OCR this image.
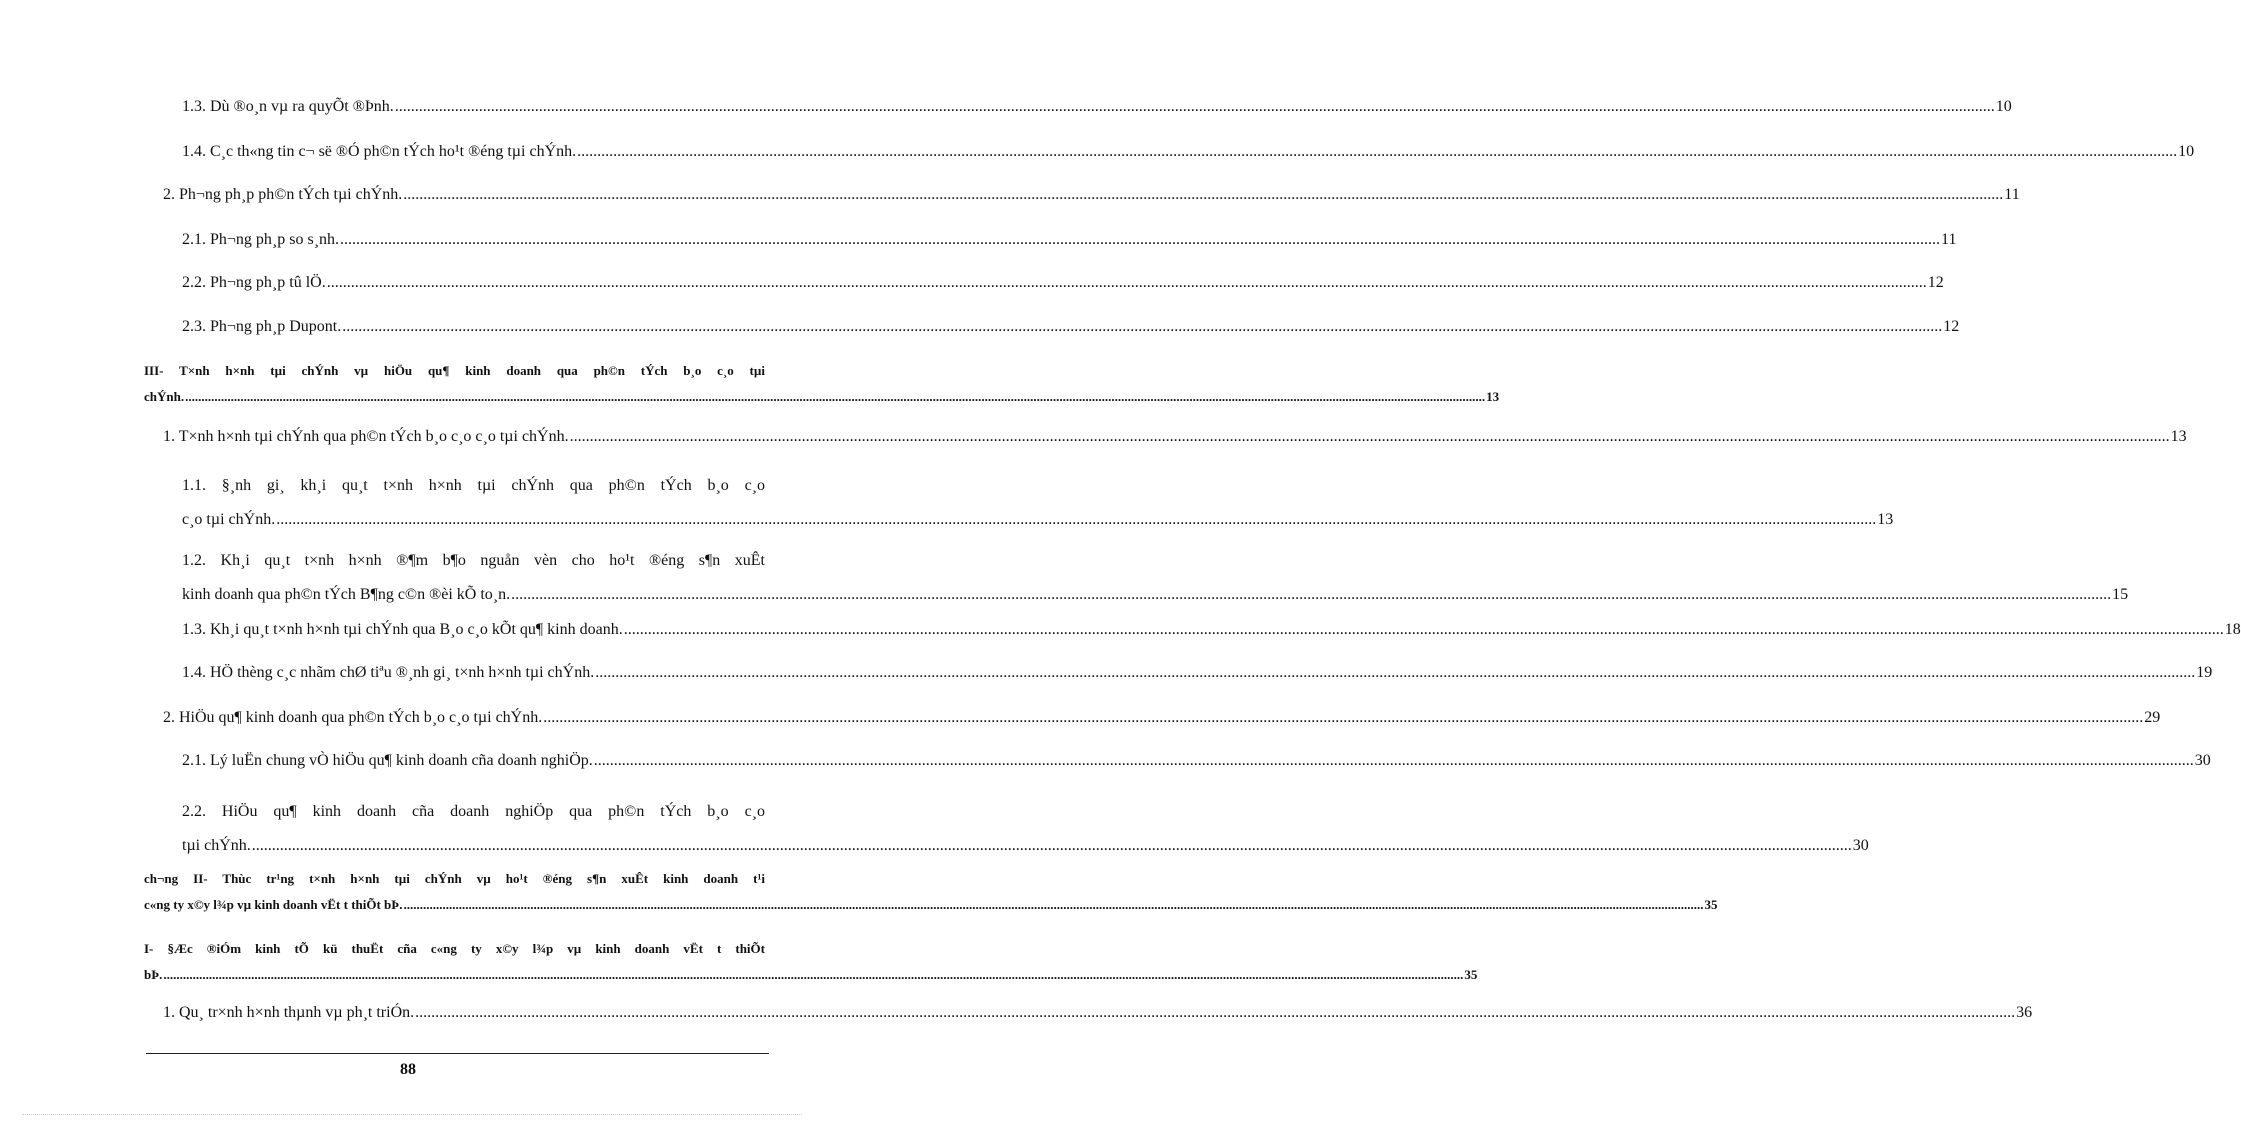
1.3. Dù ®o¸n vµ ra quyÕt ®Þnh. ................................................................................................................................................................................................................................................................................................................................................................................................................ 10
1.4. C¸c th«ng tin c¬ së ®Ó ph©n tÝch ho¹t ®éng tµi chÝnh. ................................................................................................................................................................................................................................................................................................................................................................................................................ 10
2. Ph¬ng ph¸p ph©n tÝch tµi chÝnh. ................................................................................................................................................................................................................................................................................................................................................................................................................ 11
2.1. Ph¬ng ph¸p so s¸nh. ................................................................................................................................................................................................................................................................................................................................................................................................................ 11
2.2. Ph¬ng ph¸p tû lÖ. ................................................................................................................................................................................................................................................................................................................................................................................................................ 12
2.3. Ph¬ng ph¸p Dupont. ................................................................................................................................................................................................................................................................................................................................................................................................................ 12
III- T×nh h×nh tµi chÝnh vµ hiÖu qu¶ kinh doanh qua ph©n tÝch b¸o c¸o tµi
chÝnh. ................................................................................................................................................................................................................................................................................................................................................................................................................ 13
1. T×nh h×nh tµi chÝnh qua ph©n tÝch b¸o c¸o c¸o tµi chÝnh. ................................................................................................................................................................................................................................................................................................................................................................................................................ 13
1.1. §¸nh gi¸ kh¸i qu¸t t×nh h×nh tµi chÝnh qua ph©n tÝch b¸o c¸o
c¸o tµi chÝnh. ................................................................................................................................................................................................................................................................................................................................................................................................................ 13
1.2. Kh¸i qu¸t t×nh h×nh ®¶m b¶o nguån vèn cho ho¹t ®éng s¶n xuÊt
kinh doanh qua ph©n tÝch B¶ng c©n ®èi kÕ to¸n. ................................................................................................................................................................................................................................................................................................................................................................................................................ 15
1.3. Kh¸i qu¸t t×nh h×nh tµi chÝnh qua B¸o c¸o kÕt qu¶ kinh doanh. ................................................................................................................................................................................................................................................................................................................................................................................................................ 18
1.4. HÖ thèng c¸c nhãm chØ tiªu ®¸nh gi¸ t×nh h×nh tµi chÝnh. ................................................................................................................................................................................................................................................................................................................................................................................................................ 19
2. HiÖu qu¶ kinh doanh qua ph©n tÝch b¸o c¸o tµi chÝnh. ................................................................................................................................................................................................................................................................................................................................................................................................................ 29
2.1. Lý luËn chung vÒ hiÖu qu¶ kinh doanh cña doanh nghiÖp. ................................................................................................................................................................................................................................................................................................................................................................................................................ 30
2.2. HiÖu qu¶ kinh doanh cña doanh nghiÖp qua ph©n tÝch b¸o c¸o
tµi chÝnh. ................................................................................................................................................................................................................................................................................................................................................................................................................ 30
ch¬ng II- Thùc tr¹ng t×nh h×nh tµi chÝnh vµ ho¹t ®éng s¶n xuÊt kinh doanh t¹i
c«ng ty x©y l¾p vµ kinh doanh vËt t thiÕt bÞ. ................................................................................................................................................................................................................................................................................................................................................................................................................ 35
I- §Æc ®iÓm kinh tÕ kü thuËt cña c«ng ty x©y l¾p vµ kinh doanh vËt t thiÕt
bÞ. ................................................................................................................................................................................................................................................................................................................................................................................................................ 35
1. Qu¸ tr×nh h×nh thµnh vµ ph¸t triÓn. ................................................................................................................................................................................................................................................................................................................................................................................................................ 36
88
